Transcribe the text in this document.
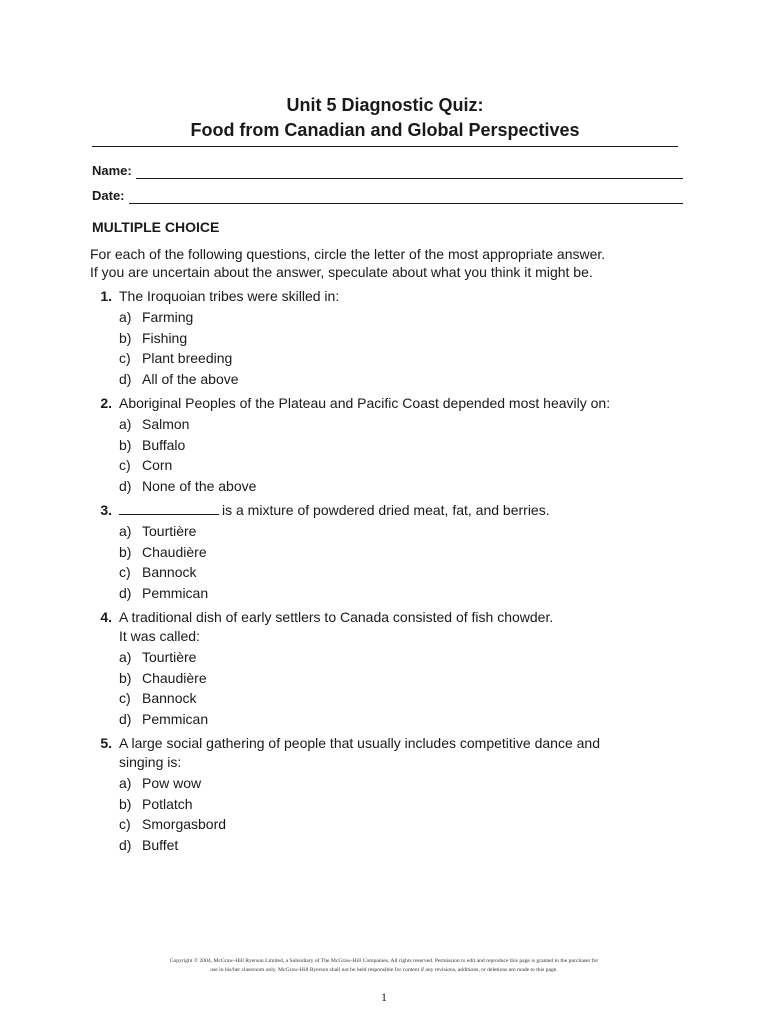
Unit 5 Diagnostic Quiz:
Food from Canadian and Global Perspectives
Name:
Date:
MULTIPLE CHOICE
For each of the following questions, circle the letter of the most appropriate answer.
If you are uncertain about the answer, speculate about what you think it might be.
1. The Iroquoian tribes were skilled in:
a) Farming
b) Fishing
c) Plant breeding
d) All of the above
2. Aboriginal Peoples of the Plateau and Pacific Coast depended most heavily on:
a) Salmon
b) Buffalo
c) Corn
d) None of the above
3.	is a mixture of powdered dried meat, fat, and berries.
a) Tourtière
b) Chaudière
c) Bannock
d) Pemmican
4. A traditional dish of early settlers to Canada consisted of fish chowder.
It was called:
a) Tourtière
b) Chaudière
c) Bannock
d) Pemmican
5. A large social gathering of people that usually includes competitive dance and
singing is:
a) Pow wow
b) Potlatch
c) Smorgasbord
d) Buffet
Copyright © 2004, McGraw-Hill Ryerson Limited, a Subsidiary of The McGraw-Hill Companies. All rights reserved. Permission to edit and reproduce this page is granted to the purchaser for
use in his/her classroom only. McGraw-Hill Ryerson shall not be held responsible for content if any revisions, additions, or deletions are made to this page.
1
